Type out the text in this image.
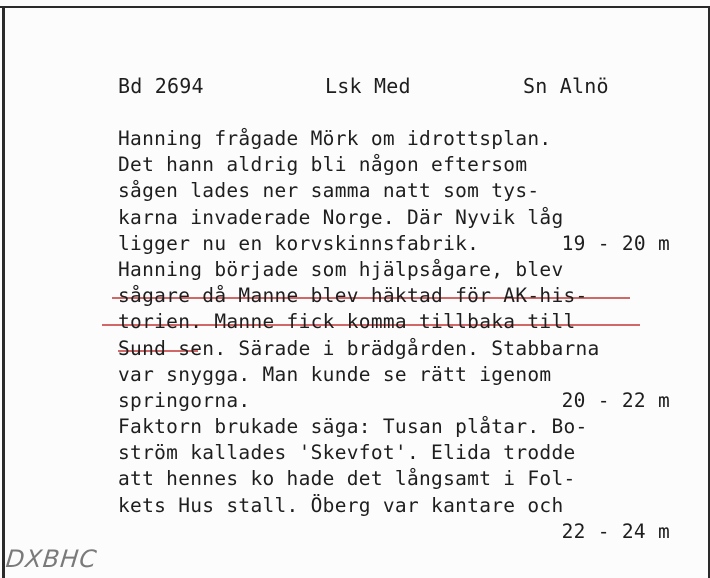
Bd 2694	Lsk Med	Sn Alnö
Hanning frågade Mörk om idrottsplan.
Det hann aldrig bli någon eftersom
sågen lades ner samma natt som tys-
karna invaderade Norge. Där Nyvik låg
ligger nu en korvskinnsfabrik.	19 - 20 m
Hanning började som hjälpsågare, blev
sågare då Manne blev häktad för AK-his-
torien. Manne fick komma tillbaka till
Sund sen. Särade i brädgården. Stabbarna
var snygga. Man kunde se rätt igenom
springorna.	20 - 22 m
Faktorn brukade säga: Tusan plåtar. Bo-
ström kallades 'Skevfot'. Elida trodde
att hennes ko hade det långsamt i Fol-
kets Hus stall. Öberg var kantare och
22 - 24 m
DXBHC
